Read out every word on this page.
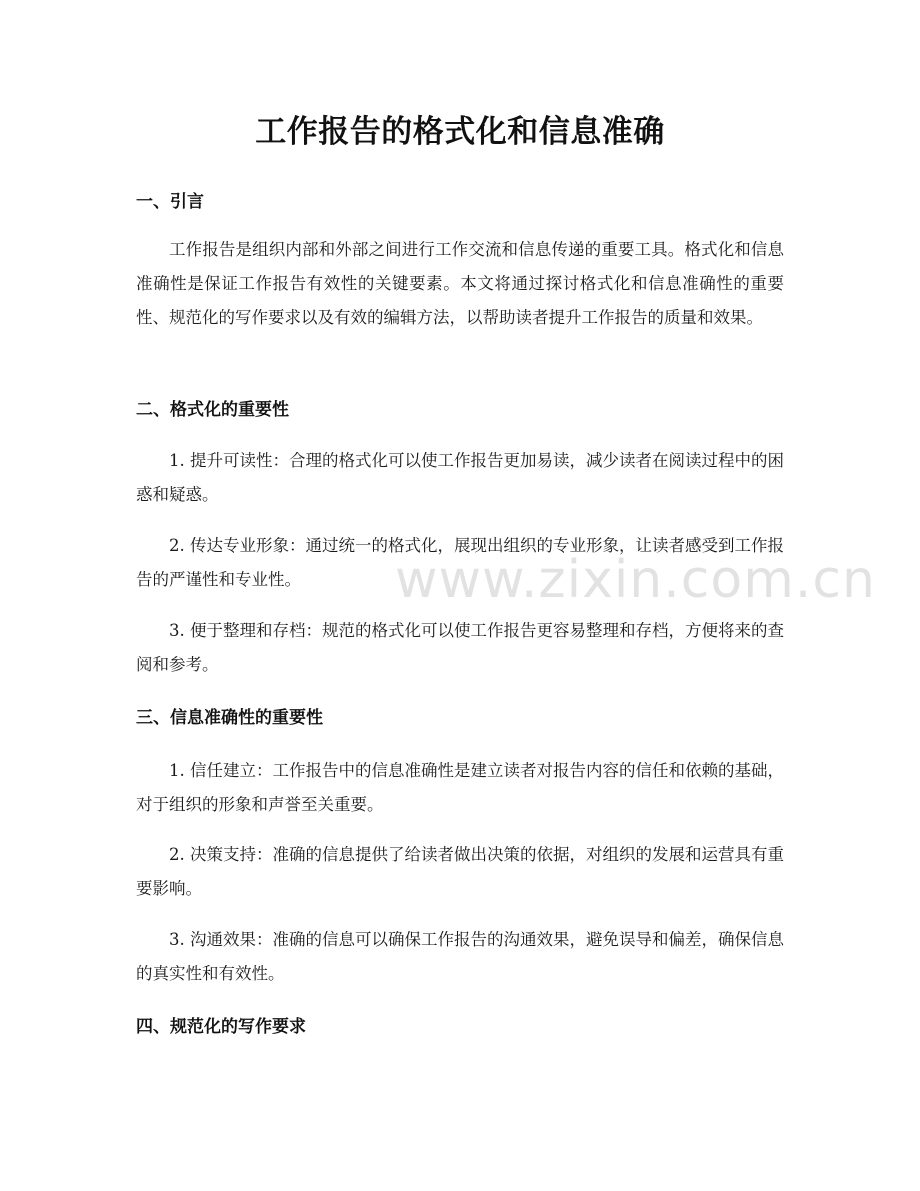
工作报告的格式化和信息准确
一、引言

工作报告是组织内部和外部之间进行工作交流和信息传递的重要工具。格式化和信息准确性是保证工作报告有效性的关键要素。本文将通过探讨格式化和信息准确性的重要性、规范化的写作要求以及有效的编辑方法，以帮助读者提升工作报告的质量和效果。

二、格式化的重要性

1. 提升可读性：合理的格式化可以使工作报告更加易读，减少读者在阅读过程中的困惑和疑惑。

2. 传达专业形象：通过统一的格式化，展现出组织的专业形象，让读者感受到工作报告的严谨性和专业性。

3. 便于整理和存档：规范的格式化可以使工作报告更容易整理和存档，方便将来的查阅和参考。

三、信息准确性的重要性

1. 信任建立：工作报告中的信息准确性是建立读者对报告内容的信任和依赖的基础，对于组织的形象和声誉至关重要。

2. 决策支持：准确的信息提供了给读者做出决策的依据，对组织的发展和运营具有重要影响。

3. 沟通效果：准确的信息可以确保工作报告的沟通效果，避免误导和偏差，确保信息的真实性和有效性。

四、规范化的写作要求
www.zixin.com.cn
